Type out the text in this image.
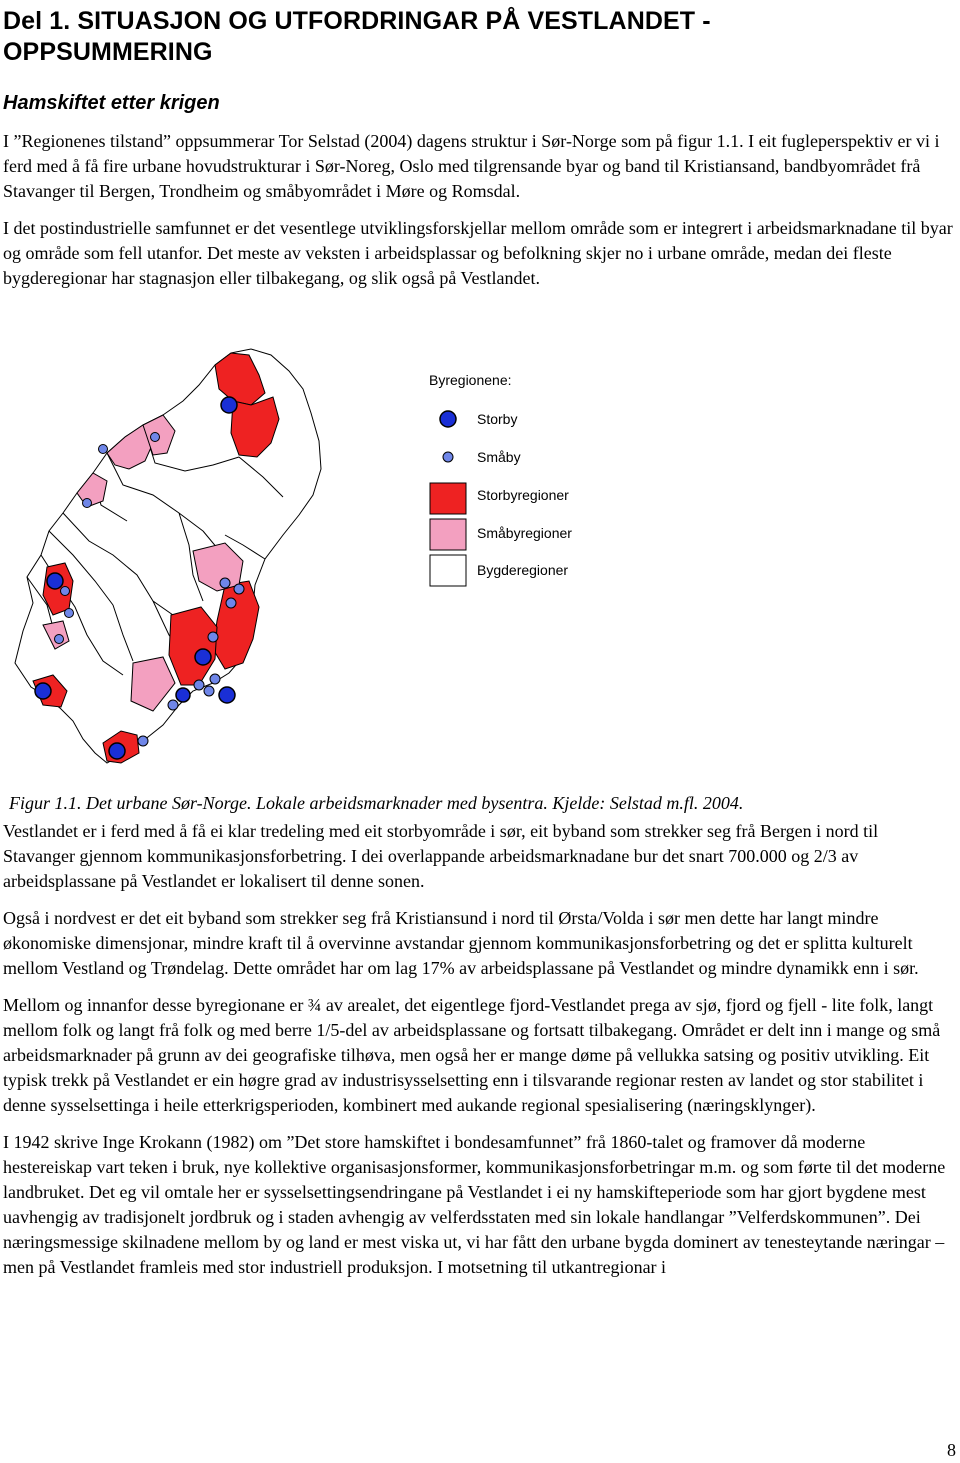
Del 1. SITUASJON OG UTFORDRINGAR PÅ VESTLANDET -
OPPSUMMERING
Hamskiftet etter krigen

I ”Regionenes tilstand” oppsummerar Tor Selstad (2004) dagens struktur i Sør-Norge som på figur 1.1. I eit fugleperspektiv er vi i ferd med å få fire urbane hovudstrukturar i Sør-Noreg, Oslo med tilgrensande byar og band til Kristiansand, bandbyområdet frå Stavanger til Bergen, Trondheim og småbyområdet i Møre og Romsdal.

I det postindustrielle samfunnet er det vesentlege utviklingsforskjellar mellom område som er integrert i arbeidsmarknadane til byar og område som fell utanfor. Det meste av veksten i arbeidsplassar og befolkning skjer no i urbane område, medan dei fleste bygderegionar har stagnasjon eller tilbakegang, og slik også på Vestlandet.

Byregionene:
Storby
Småby
Storbyregioner
Småbyregioner
Bygderegioner

Figur 1.1. Det urbane Sør-Norge. Lokale arbeidsmarknader med bysentra. Kjelde: Selstad m.fl. 2004.

Vestlandet er i ferd med å få ei klar tredeling med eit storbyområde i sør, eit byband som strekker seg frå Bergen i nord til Stavanger gjennom kommunikasjonsforbetring. I dei overlappande arbeidsmarknadane bur det snart 700.000 og 2/3 av arbeidsplassane på Vestlandet er lokalisert til denne sonen.

Også i nordvest er det eit byband som strekker seg frå Kristiansund i nord til Ørsta/Volda i sør men dette har langt mindre økonomiske dimensjonar, mindre kraft til å overvinne avstandar gjennom kommunikasjonsforbetring og det er splitta kulturelt mellom Vestland og Trøndelag. Dette området har om lag 17% av arbeidsplassane på Vestlandet og mindre dynamikk enn i sør.

Mellom og innanfor desse byregionane er ¾ av arealet, det eigentlege fjord-Vestlandet prega av sjø, fjord og fjell - lite folk, langt mellom folk og langt frå folk og med berre 1/5-del av arbeidsplassane og fortsatt tilbakegang. Området er delt inn i mange og små arbeidsmarknader på grunn av dei geografiske tilhøva, men også her er mange døme på vellukka satsing og positiv utvikling. Eit typisk trekk på Vestlandet er ein høgre grad av industrisysselsetting enn i tilsvarande regionar resten av landet og stor stabilitet i denne sysselsettinga i heile etterkrigsperioden, kombinert med aukande regional spesialisering (næringsklynger).

I 1942 skrive Inge Krokann (1982) om ”Det store hamskiftet i bondesamfunnet” frå 1860-talet og framover då moderne hestereiskap vart teken i bruk, nye kollektive organisasjonsformer, kommunikasjonsforbetringar m.m. og som førte til det moderne landbruket. Det eg vil omtale her er sysselsettingsendringane på Vestlandet i ei ny hamskifteperiode som har gjort bygdene mest uavhengig av tradisjonelt jordbruk og i staden avhengig av velferdsstaten med sin lokale handlangar ”Velferdskommunen”. Dei næringsmessige skilnadene mellom by og land er mest viska ut, vi har fått den urbane bygda dominert av tenesteytande næringar – men på Vestlandet framleis med stor industriell produksjon. I motsetning til utkantregionar i

8
